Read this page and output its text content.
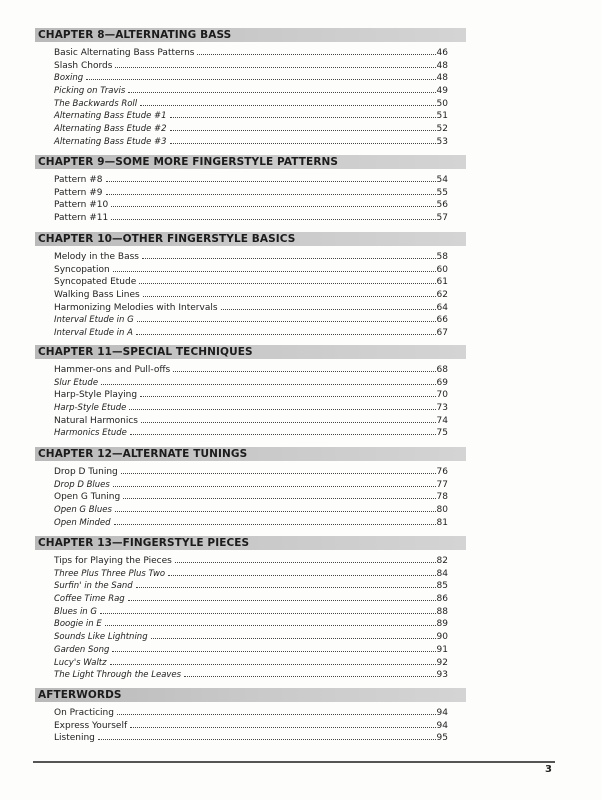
CHAPTER 8—ALTERNATING BASS
Basic Alternating Bass Patterns	46
Slash Chords	48
Boxing	48
Picking on Travis	49
The Backwards Roll	50
Alternating Bass Etude #1	51
Alternating Bass Etude #2	52
Alternating Bass Etude #3	53
CHAPTER 9—SOME MORE FINGERSTYLE PATTERNS
Pattern #8	54
Pattern #9	55
Pattern #10	56
Pattern #11	57
CHAPTER 10—OTHER FINGERSTYLE BASICS
Melody in the Bass	58
Syncopation	60
Syncopated Etude	61
Walking Bass Lines	62
Harmonizing Melodies with Intervals	64
Interval Etude in G	66
Interval Etude in A	67
CHAPTER 11—SPECIAL TECHNIQUES
Hammer-ons and Pull-offs	68
Slur Etude	69
Harp-Style Playing	70
Harp-Style Etude	73
Natural Harmonics	74
Harmonics Etude	75
CHAPTER 12—ALTERNATE TUNINGS
Drop D Tuning	76
Drop D Blues	77
Open G Tuning	78
Open G Blues	80
Open Minded	81
CHAPTER 13—FINGERSTYLE PIECES
Tips for Playing the Pieces	82
Three Plus Three Plus Two	84
Surfin' in the Sand	85
Coffee Time Rag	86
Blues in G	88
Boogie in E	89
Sounds Like Lightning	90
Garden Song	91
Lucy's Waltz	92
The Light Through the Leaves	93
AFTERWORDS
On Practicing	94
Express Yourself	94
Listening	95
3
